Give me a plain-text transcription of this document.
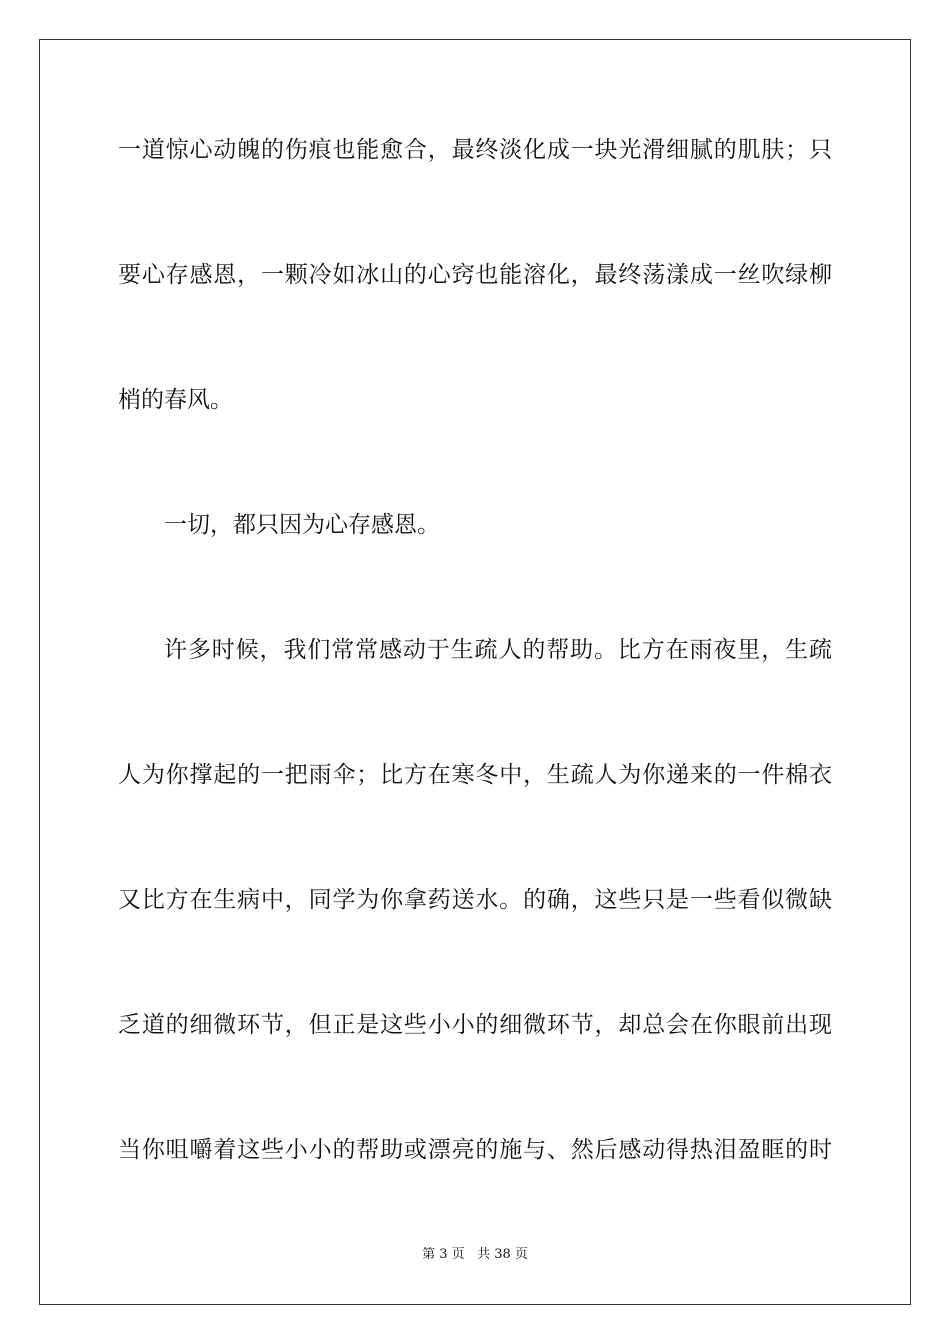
一道惊心动魄的伤痕也能愈合，最终淡化成一块光滑细腻的肌肤；只
要心存感恩，一颗冷如冰山的心窍也能溶化，最终荡漾成一丝吹绿柳
梢的春风。
一切，都只因为心存感恩。
许多时候，我们常常感动于生疏人的帮助。比方在雨夜里，生疏
人为你撑起的一把雨伞；比方在寒冬中，生疏人为你递来的一件棉衣
又比方在生病中，同学为你拿药送水。的确，这些只是一些看似微缺
乏道的细微环节，但正是这些小小的细微环节，却总会在你眼前出现
当你咀嚼着这些小小的帮助或漂亮的施与、然后感动得热泪盈眶的时
第 3 页 共 38 页
